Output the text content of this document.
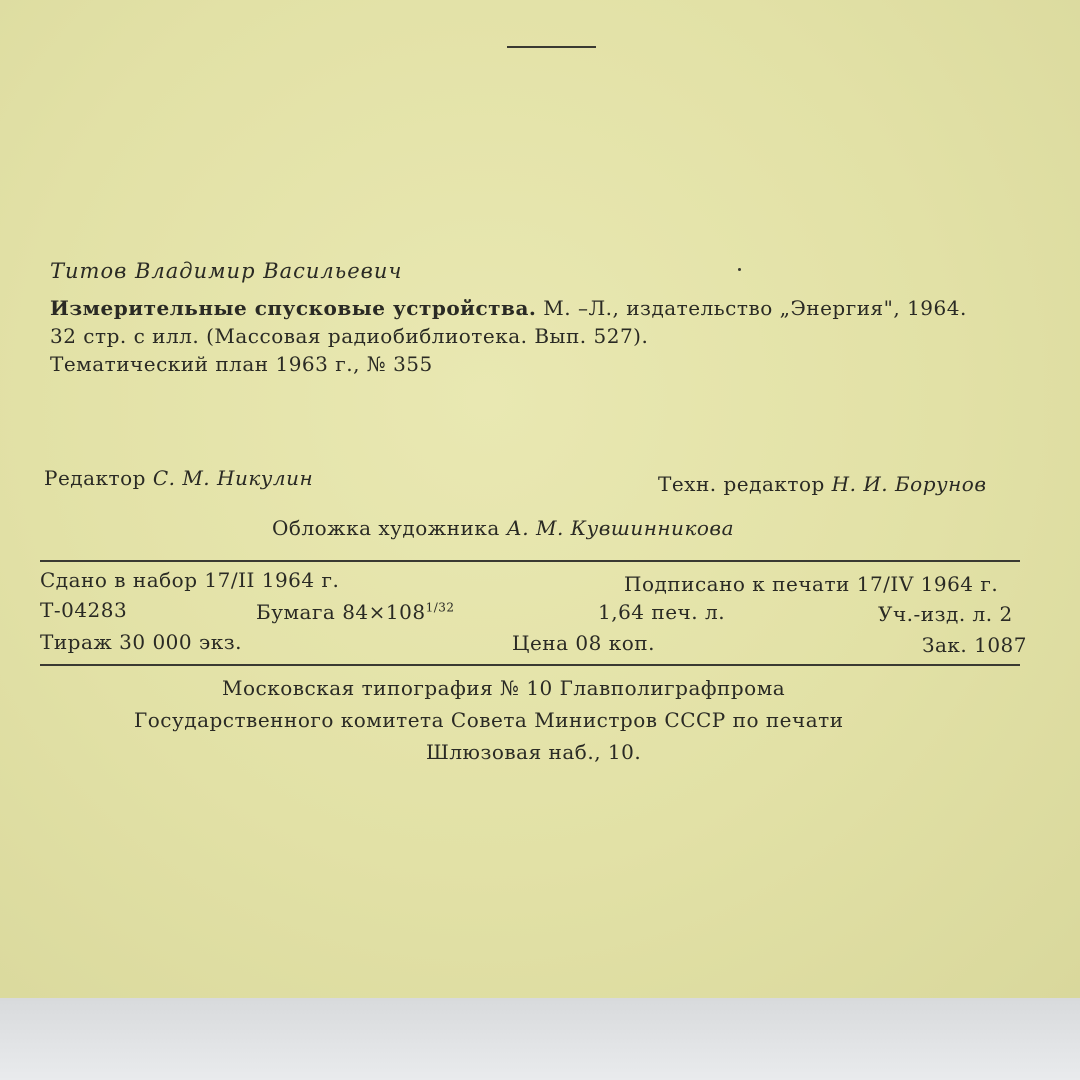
Титов Владимир Васильевич
Измерительные спусковые устройства. М. –Л., издательство „Энергия", 1964.
32 стр. с илл. (Массовая радиобиблиотека. Вып. 527).
Тематический план 1963 г., № 355
Редактор С. М. Никулин	Техн. редактор Н. И. Борунов
Обложка художника А. М. Кувшинникова
Сдано в набор 17/II 1964 г.	Подписано к печати 17/IV 1964 г.
Т-04283	Бумага $84\times 108^{1/32}$	1,64 печ. л.	Уч.-изд. л. 2
Тираж 30 000 экз.	Цена 08 коп.	Зак. 1087
Московская типография № 10 Главполиграфпрома
Государственного комитета Совета Министров СССР по печати
Шлюзовая наб., 10.
